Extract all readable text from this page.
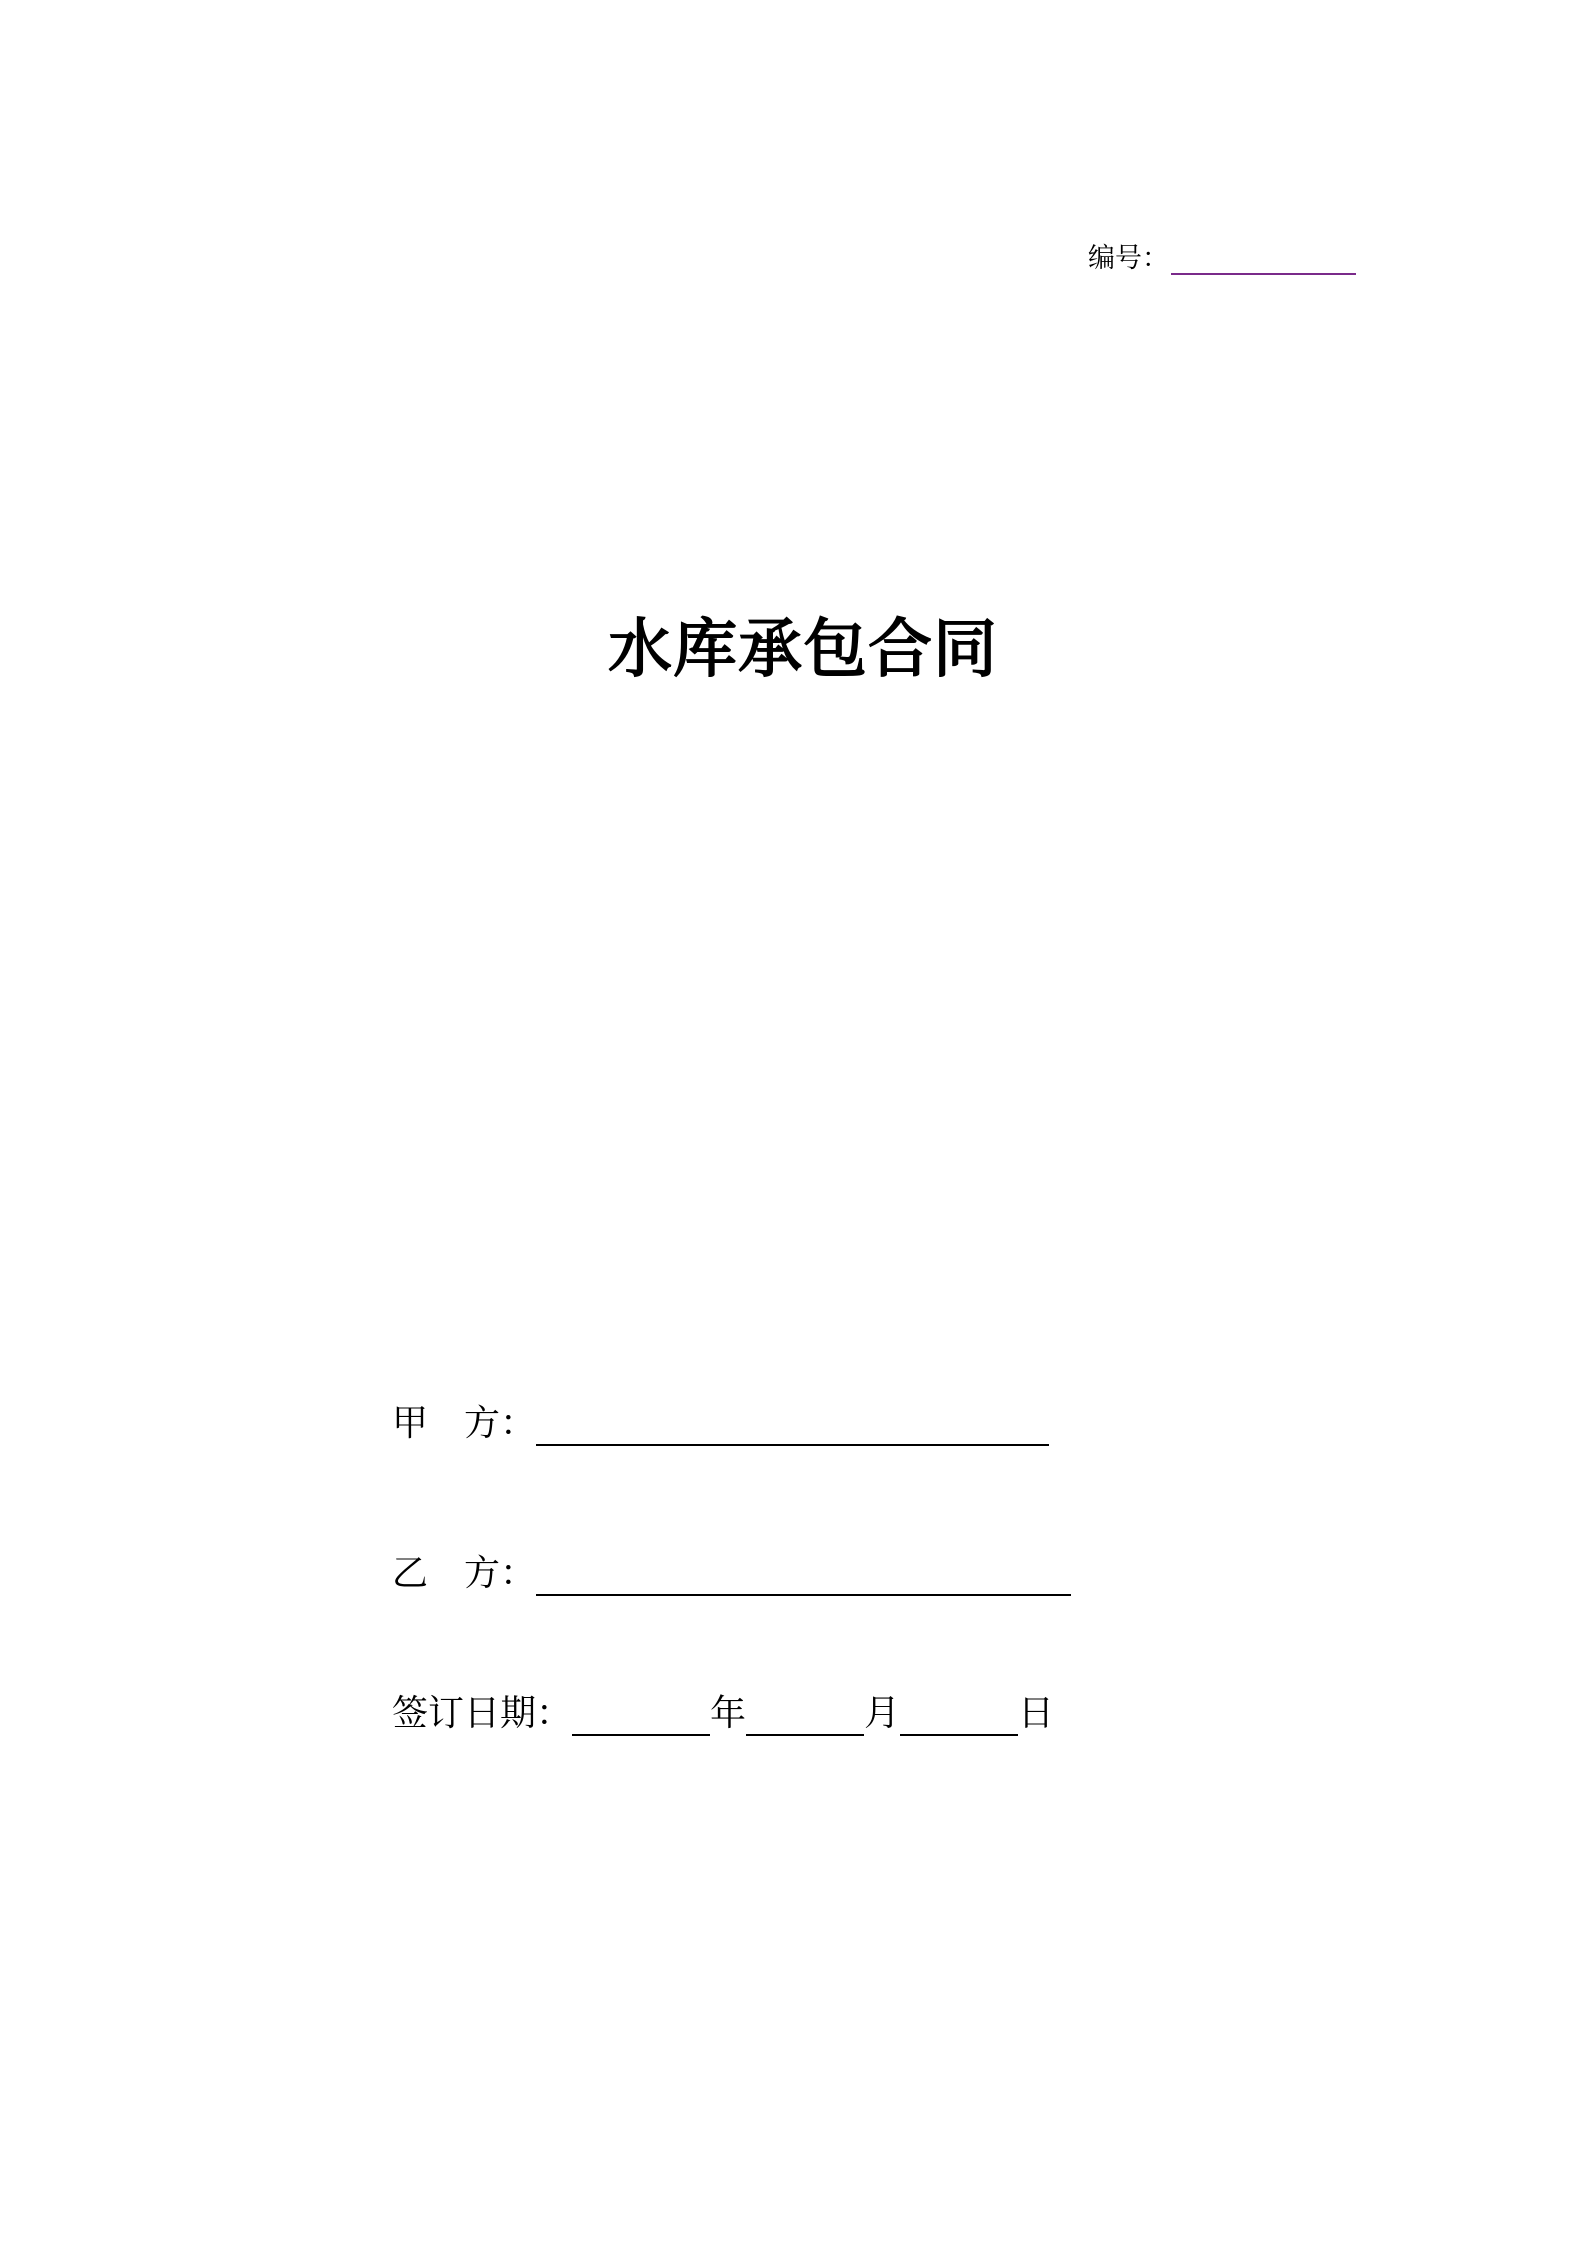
编号：
水库承包合同
甲　方：
乙　方：
签订日期：	年	月	日
